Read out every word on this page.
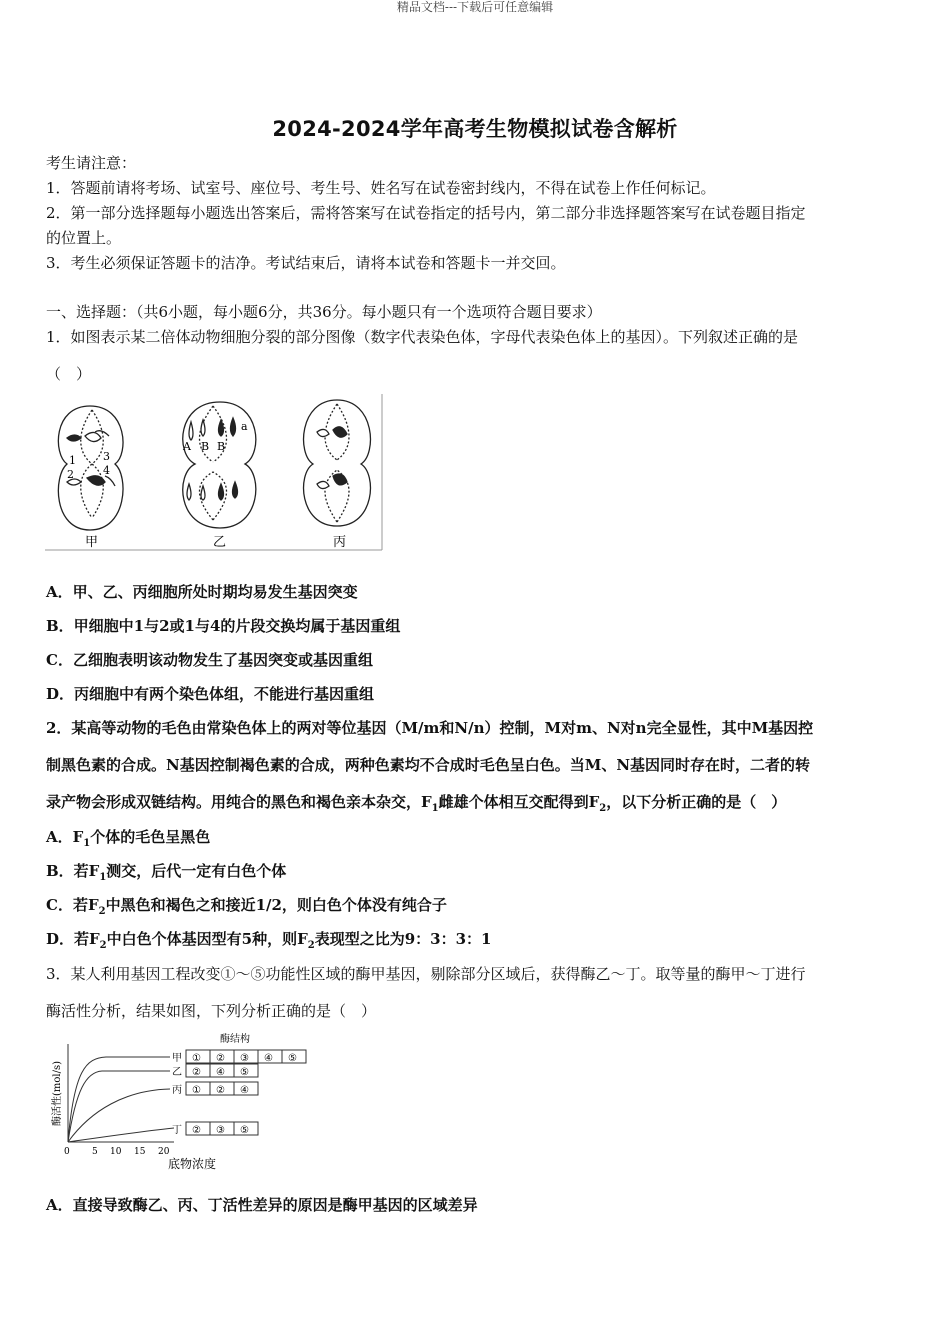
精品文档---下载后可任意编辑
2024-2024学年高考生物模拟试卷含解析
考生请注意：
1．答题前请将考场、试室号、座位号、考生号、姓名写在试卷密封线内，不得在试卷上作任何标记。
2．第一部分选择题每小题选出答案后，需将答案写在试卷指定的括号内，第二部分非选择题答案写在试卷题目指定
的位置上。
3．考生必须保证答题卡的洁净。考试结束后，请将本试卷和答题卡一并交回。
一、选择题：（共6小题，每小题6分，共36分。每小题只有一个选项符合题目要求）
1．如图表示某二倍体动物细胞分裂的部分图像（数字代表染色体，字母代表染色体上的基因）。下列叙述正确的是
（　）
1
2
3
4
甲
A B B
a
乙	丙
A．甲、乙、丙细胞所处时期均易发生基因突变
B．甲细胞中1与2或1与4的片段交换均属于基因重组
C．乙细胞表明该动物发生了基因突变或基因重组
D．丙细胞中有两个染色体组，不能进行基因重组
2．某高等动物的毛色由常染色体上的两对等位基因（M/m和N/n）控制，M对m、N对n完全显性，其中M基因控
制黑色素的合成。N基因控制褐色素的合成，两种色素均不合成时毛色呈白色。当M、N基因同时存在时，二者的转
录产物会形成双链结构。用纯合的黑色和褐色亲本杂交，$F_1$雌雄个体相互交配得到$F_2$，以下分析正确的是（　）
A．$F_1$个体的毛色呈黑色
B．若$F_1$测交，后代一定有白色个体
C．若$F_2$中黑色和褐色之和接近1/2，则白色个体没有纯合子
D．若$F_2$中白色个体基因型有5种，则$F_2$表现型之比为9：3：3：1
3．某人利用基因工程改变①～⑤功能性区域的酶甲基因，剔除部分区域后，获得酶乙～丁。取等量的酶甲～丁进行
酶活性分析，结果如图，下列分析正确的是（　）
酶活性(mol/s)
0 5 10 15 20
底物浓度
酶结构
甲
乙
丙
丁
① ② ③ ④ ⑤
② ④ ⑤
① ② ④
② ③ ⑤
A．直接导致酶乙、丙、丁活性差异的原因是酶甲基因的区域差异
